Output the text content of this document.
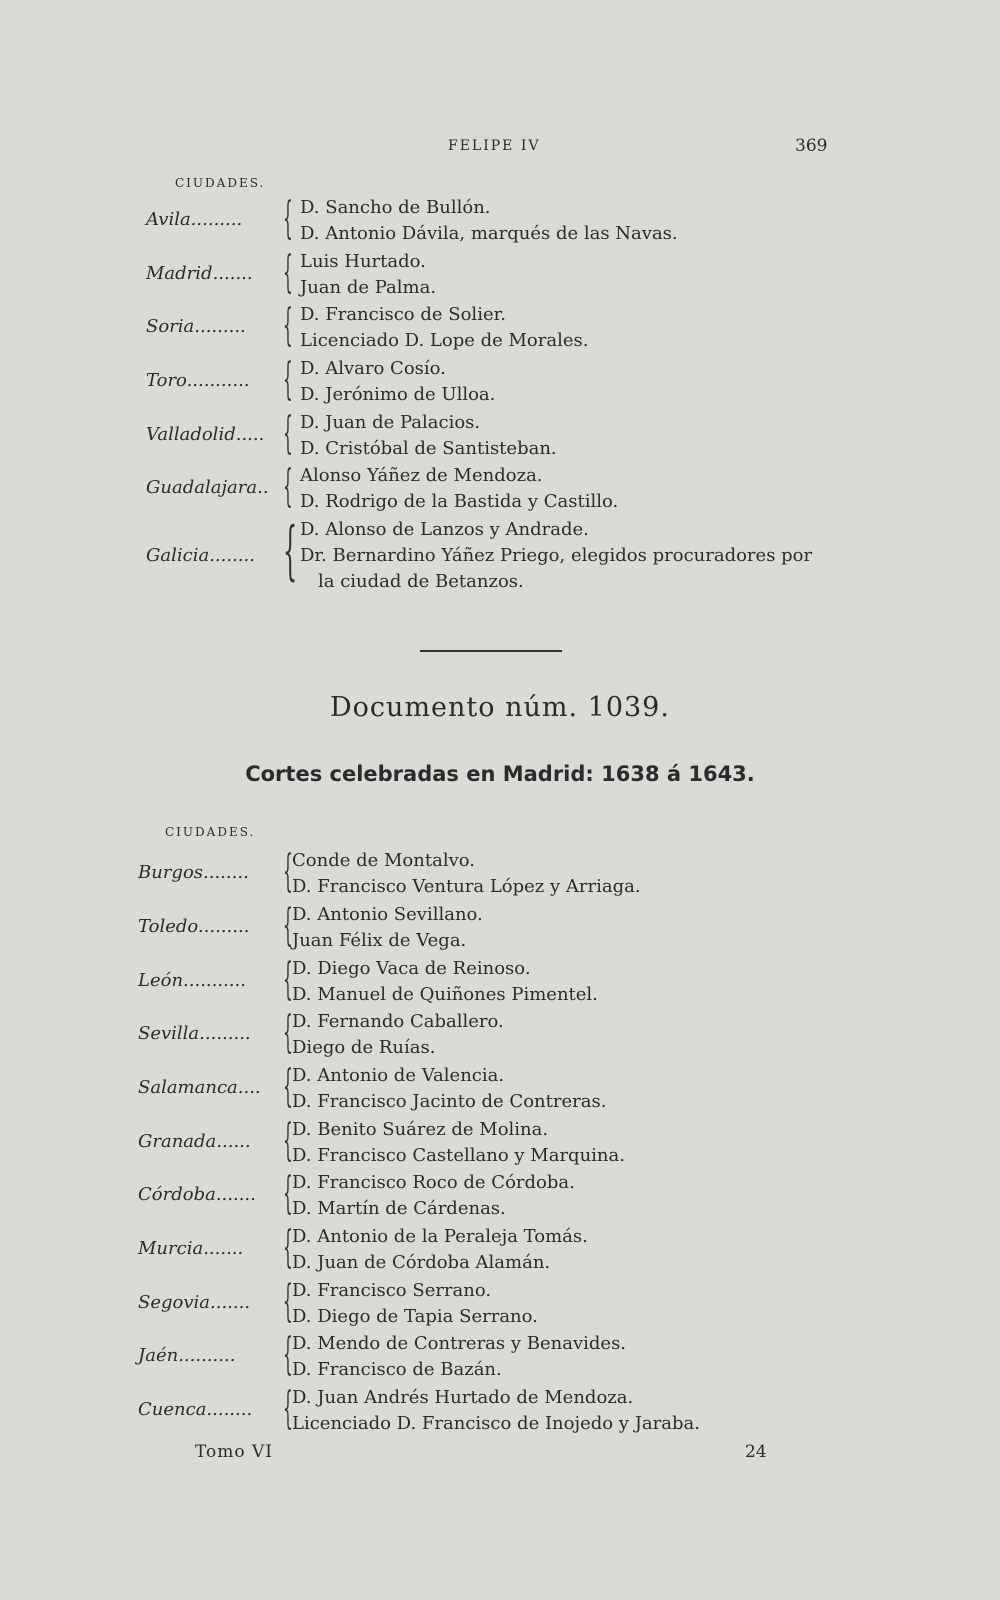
FELIPE IV	369
CIUDADES.
Avila......... { D. Sancho de Bullón.
D. Antonio Dávila, marqués de las Navas.
Madrid....... { Luis Hurtado.
Juan de Palma.
Soria......... { D. Francisco de Solier.
Licenciado D. Lope de Morales.
Toro........... { D. Alvaro Cosío.
D. Jerónimo de Ulloa.
Valladolid..... { D. Juan de Palacios.
D. Cristóbal de Santisteban.
Guadalajara.. { Alonso Yáñez de Mendoza.
D. Rodrigo de la Bastida y Castillo.
Galicia........ { D. Alonso de Lanzos y Andrade.
Dr. Bernardino Yáñez Priego, elegidos procuradores por
la ciudad de Betanzos.
Documento núm. 1039.
Cortes celebradas en Madrid: 1638 á 1643.
CIUDADES.
Burgos........ { Conde de Montalvo.
D. Francisco Ventura López y Arriaga.
Toledo......... { D. Antonio Sevillano.
Juan Félix de Vega.
León........... { D. Diego Vaca de Reinoso.
D. Manuel de Quiñones Pimentel.
Sevilla......... { D. Fernando Caballero.
Diego de Ruías.
Salamanca.... { D. Antonio de Valencia.
D. Francisco Jacinto de Contreras.
Granada...... { D. Benito Suárez de Molina.
D. Francisco Castellano y Marquina.
Córdoba....... { D. Francisco Roco de Córdoba.
D. Martín de Cárdenas.
Murcia....... { D. Antonio de la Peraleja Tomás.
D. Juan de Córdoba Alamán.
Segovia....... { D. Francisco Serrano.
D. Diego de Tapia Serrano.
Jaén.......... { D. Mendo de Contreras y Benavides.
D. Francisco de Bazán.
Cuenca........ { D. Juan Andrés Hurtado de Mendoza.
Licenciado D. Francisco de Inojedo y Jaraba.
Tomo VI	24
